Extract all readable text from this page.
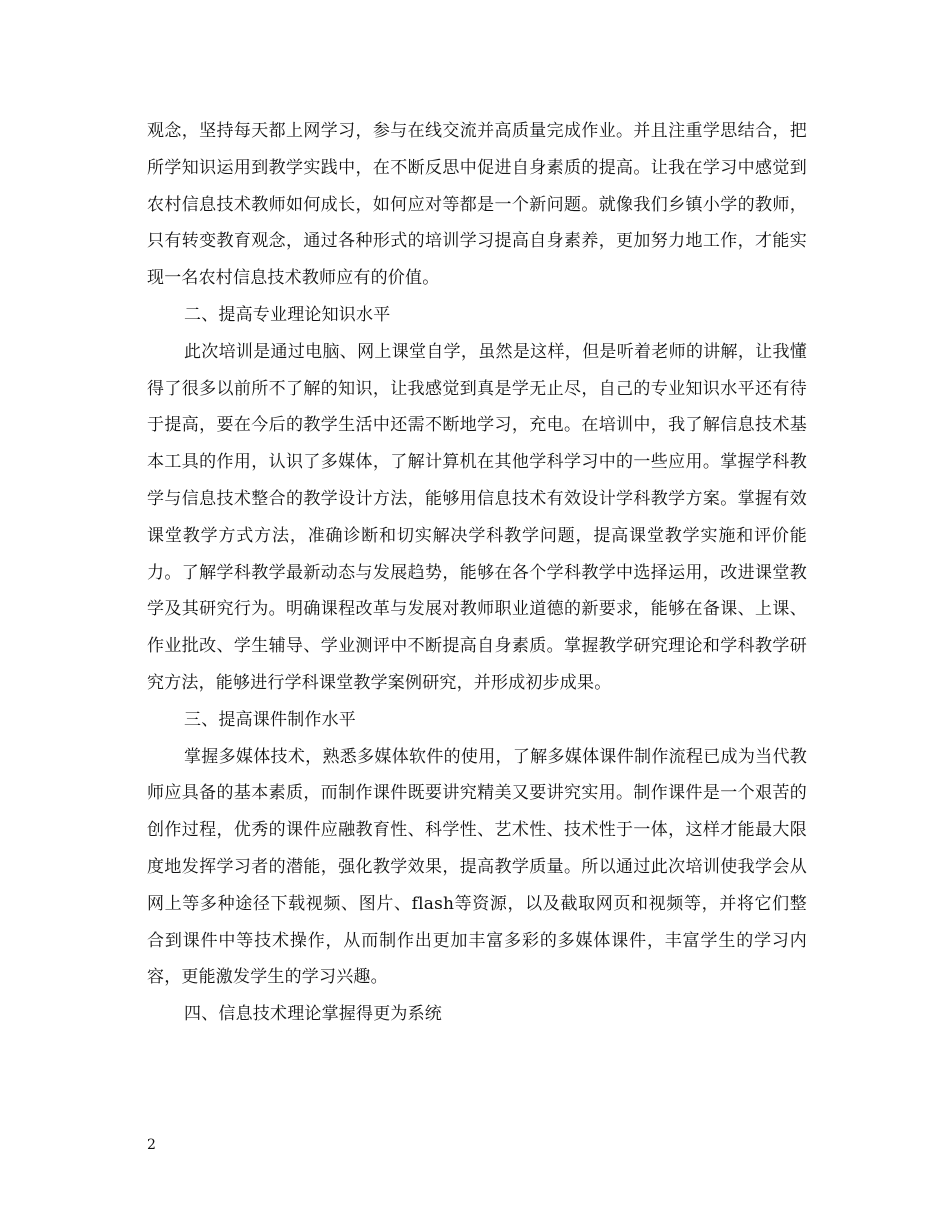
观念，坚持每天都上网学习，参与在线交流并高质量完成作业。并且注重学思结合，把所学知识运用到教学实践中，在不断反思中促进自身素质的提高。让我在学习中感觉到农村信息技术教师如何成长，如何应对等都是一个新问题。就像我们乡镇小学的教师，只有转变教育观念，通过各种形式的培训学习提高自身素养，更加努力地工作，才能实现一名农村信息技术教师应有的价值。

二、提高专业理论知识水平

此次培训是通过电脑、网上课堂自学，虽然是这样，但是听着老师的讲解，让我懂得了很多以前所不了解的知识，让我感觉到真是学无止尽，自己的专业知识水平还有待于提高，要在今后的教学生活中还需不断地学习，充电。在培训中，我了解信息技术基本工具的作用，认识了多媒体，了解计算机在其他学科学习中的一些应用。掌握学科教学与信息技术整合的教学设计方法，能够用信息技术有效设计学科教学方案。掌握有效课堂教学方式方法，准确诊断和切实解决学科教学问题，提高课堂教学实施和评价能力。了解学科教学最新动态与发展趋势，能够在各个学科教学中选择运用，改进课堂教学及其研究行为。明确课程改革与发展对教师职业道德的新要求，能够在备课、上课、作业批改、学生辅导、学业测评中不断提高自身素质。掌握教学研究理论和学科教学研究方法，能够进行学科课堂教学案例研究，并形成初步成果。

三、提高课件制作水平

掌握多媒体技术，熟悉多媒体软件的使用，了解多媒体课件制作流程已成为当代教师应具备的基本素质，而制作课件既要讲究精美又要讲究实用。制作课件是一个艰苦的创作过程，优秀的课件应融教育性、科学性、艺术性、技术性于一体，这样才能最大限度地发挥学习者的潜能，强化教学效果，提高教学质量。所以通过此次培训使我学会从网上等多种途径下载视频、图片、flash等资源，以及截取网页和视频等，并将它们整合到课件中等技术操作，从而制作出更加丰富多彩的多媒体课件，丰富学生的学习内容，更能激发学生的学习兴趣。

四、信息技术理论掌握得更为系统

2
